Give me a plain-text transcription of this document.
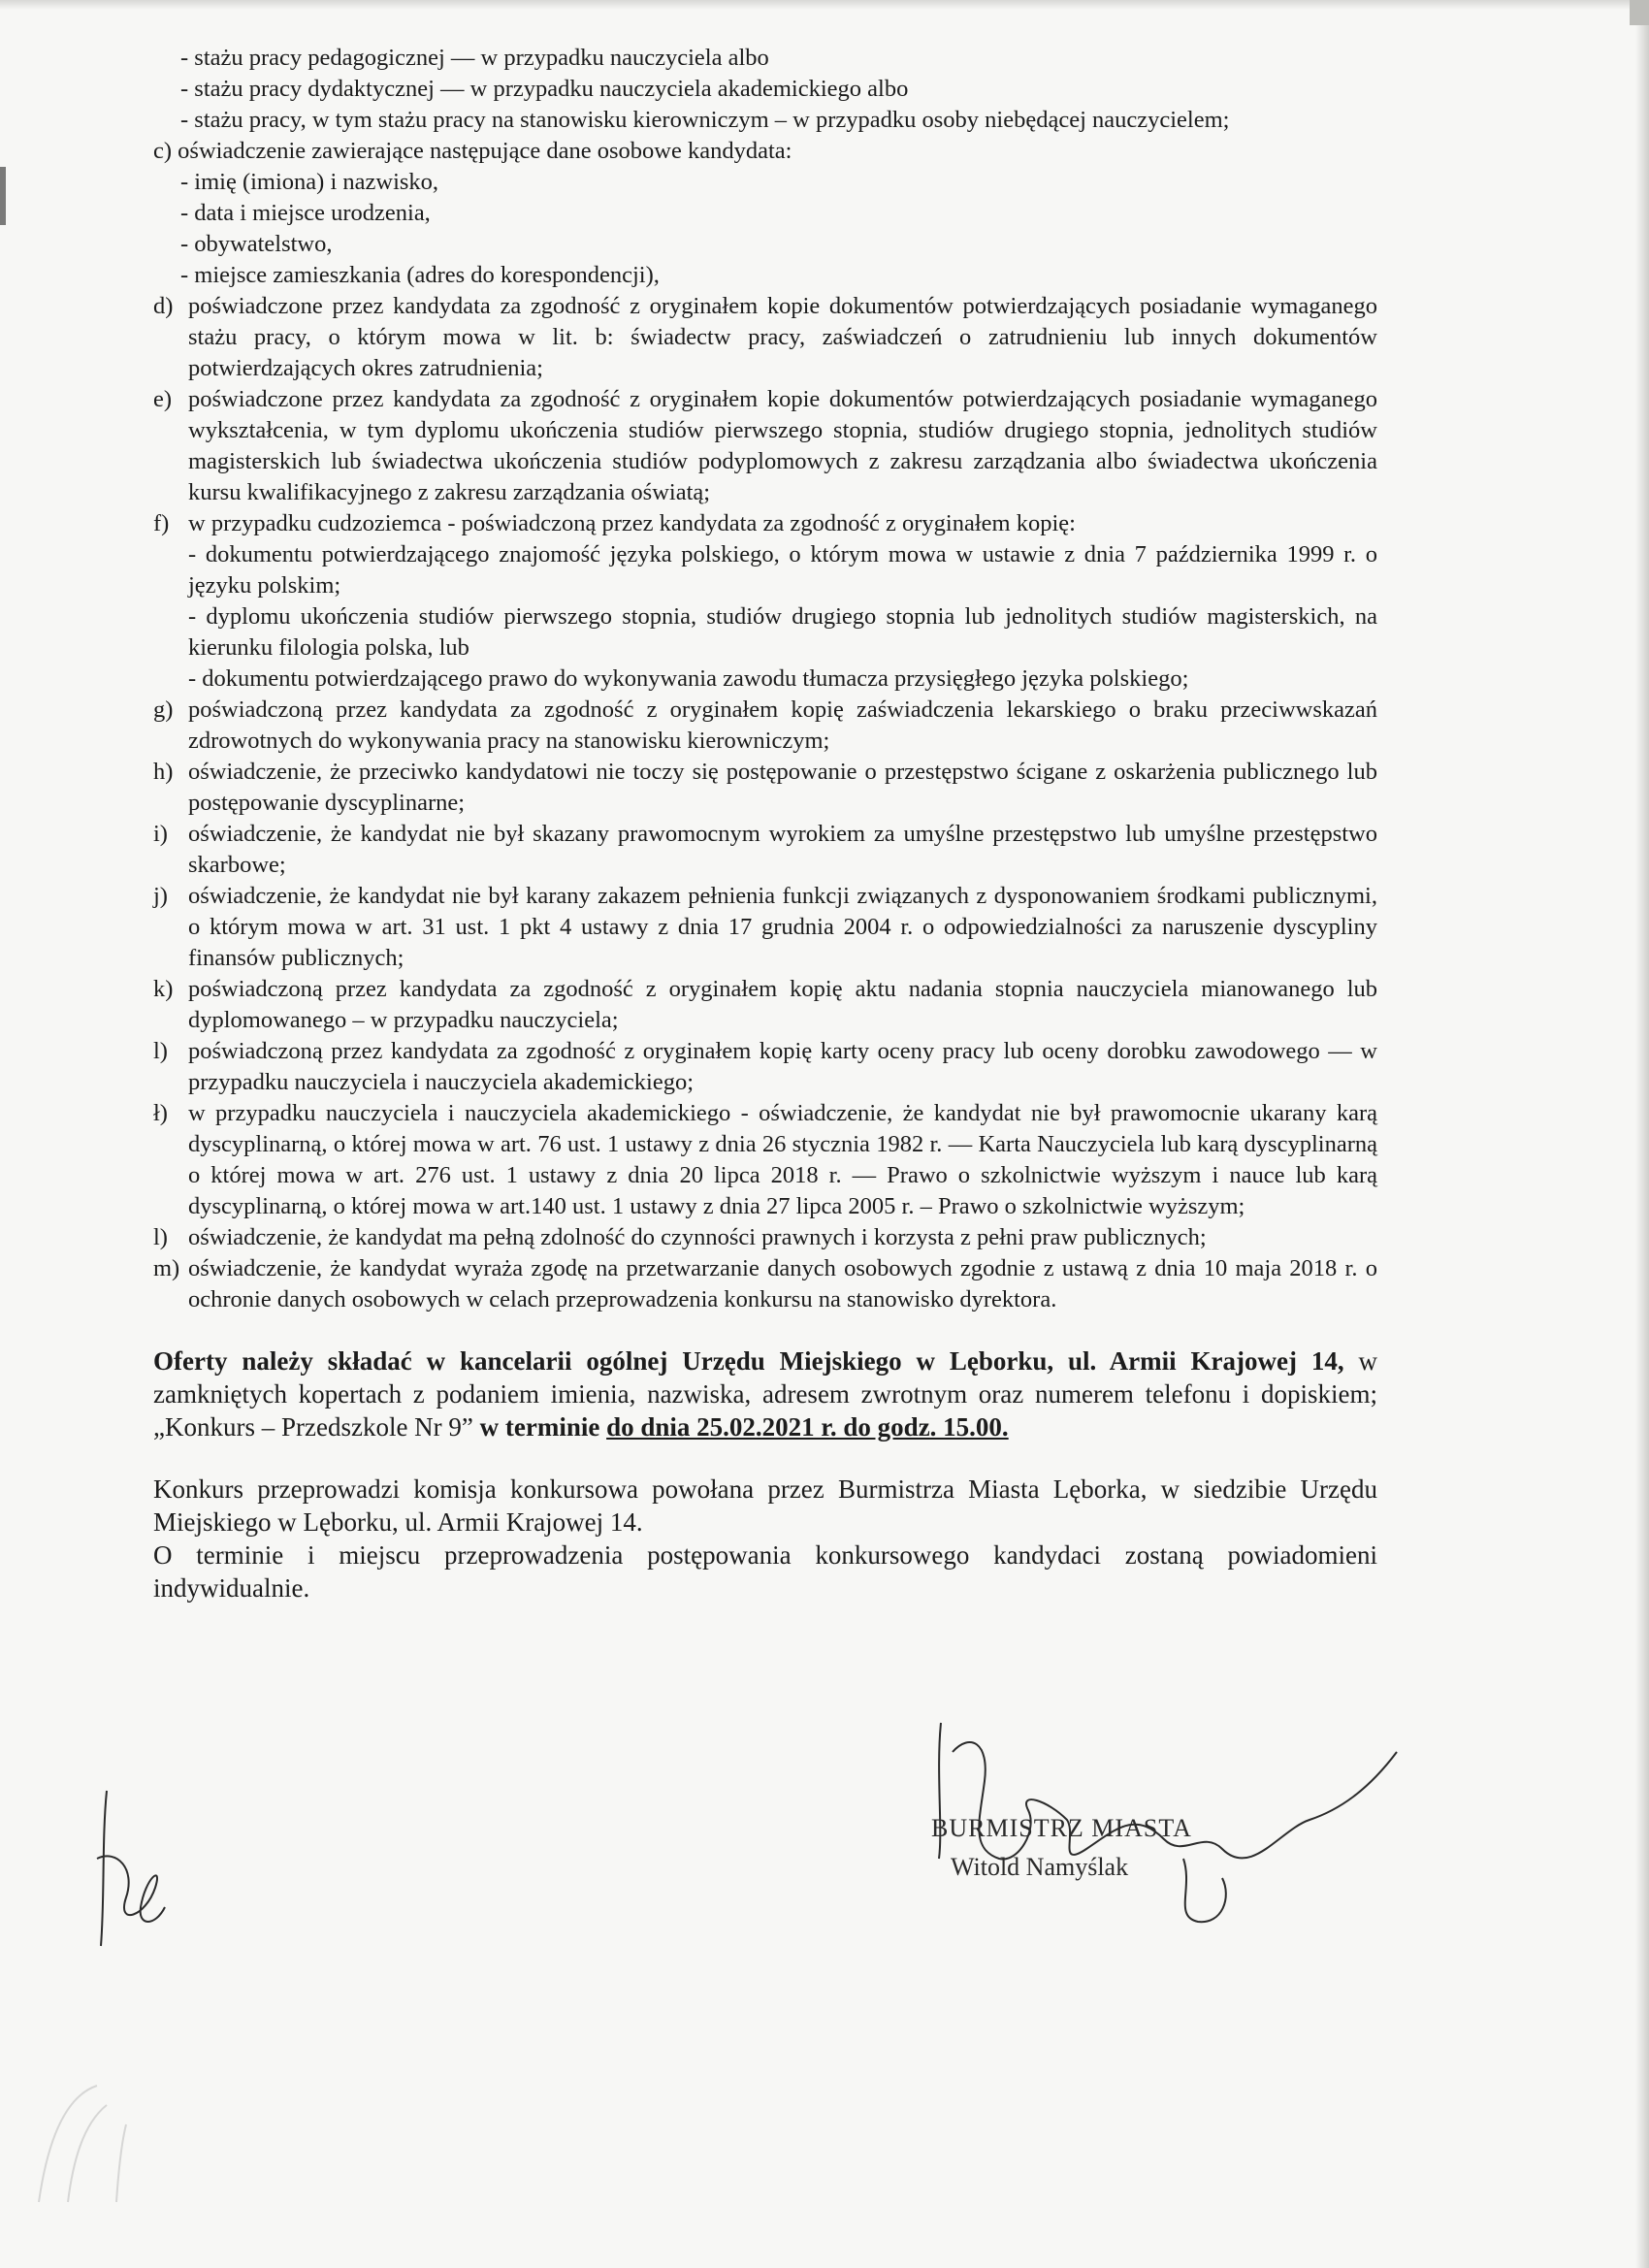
- stażu pracy pedagogicznej — w przypadku nauczyciela albo
- stażu pracy dydaktycznej — w przypadku nauczyciela akademickiego albo
- stażu pracy, w tym stażu pracy na stanowisku kierowniczym – w przypadku osoby niebędącej nauczycielem;
c) oświadczenie zawierające następujące dane osobowe kandydata:
- imię (imiona) i nazwisko,
- data i miejsce urodzenia,
- obywatelstwo,
- miejsce zamieszkania (adres do korespondencji),
d) poświadczone przez kandydata za zgodność z oryginałem kopie dokumentów potwierdzających posiadanie wymaganego stażu pracy, o którym mowa w lit. b: świadectw pracy, zaświadczeń o zatrudnieniu lub innych dokumentów potwierdzających okres zatrudnienia;
e) poświadczone przez kandydata za zgodność z oryginałem kopie dokumentów potwierdzających posiadanie wymaganego wykształcenia, w tym dyplomu ukończenia studiów pierwszego stopnia, studiów drugiego stopnia, jednolitych studiów magisterskich lub świadectwa ukończenia studiów podyplomowych z zakresu zarządzania albo świadectwa ukończenia kursu kwalifikacyjnego z zakresu zarządzania oświatą;
f) w przypadku cudzoziemca - poświadczoną przez kandydata za zgodność z oryginałem kopię:
- dokumentu potwierdzającego znajomość języka polskiego, o którym mowa w ustawie z dnia 7 października 1999 r. o języku polskim;
- dyplomu ukończenia studiów pierwszego stopnia, studiów drugiego stopnia lub jednolitych studiów magisterskich, na kierunku filologia polska, lub
- dokumentu potwierdzającego prawo do wykonywania zawodu tłumacza przysięgłego języka polskiego;
g) poświadczoną przez kandydata za zgodność z oryginałem kopię zaświadczenia lekarskiego o braku przeciwwskazań zdrowotnych do wykonywania pracy na stanowisku kierowniczym;
h) oświadczenie, że przeciwko kandydatowi nie toczy się postępowanie o przestępstwo ścigane z oskarżenia publicznego lub postępowanie dyscyplinarne;
i) oświadczenie, że kandydat nie był skazany prawomocnym wyrokiem za umyślne przestępstwo lub umyślne przestępstwo skarbowe;
j) oświadczenie, że kandydat nie był karany zakazem pełnienia funkcji związanych z dysponowaniem środkami publicznymi, o którym mowa w art. 31 ust. 1 pkt 4 ustawy z dnia 17 grudnia 2004 r. o odpowiedzialności za naruszenie dyscypliny finansów publicznych;
k) poświadczoną przez kandydata za zgodność z oryginałem kopię aktu nadania stopnia nauczyciela mianowanego lub dyplomowanego – w przypadku nauczyciela;
l) poświadczoną przez kandydata za zgodność z oryginałem kopię karty oceny pracy lub oceny dorobku zawodowego — w przypadku nauczyciela i nauczyciela akademickiego;
ł) w przypadku nauczyciela i nauczyciela akademickiego - oświadczenie, że kandydat nie był prawomocnie ukarany karą dyscyplinarną, o której mowa w art. 76 ust. 1 ustawy z dnia 26 stycznia 1982 r. — Karta Nauczyciela lub karą dyscyplinarną o której mowa w art. 276 ust. 1 ustawy z dnia 20 lipca 2018 r. — Prawo o szkolnictwie wyższym i nauce lub karą dyscyplinarną, o której mowa w art.140 ust. 1 ustawy z dnia 27 lipca 2005 r. – Prawo o szkolnictwie wyższym;
l) oświadczenie, że kandydat ma pełną zdolność do czynności prawnych i korzysta z pełni praw publicznych;
m) oświadczenie, że kandydat wyraża zgodę na przetwarzanie danych osobowych zgodnie z ustawą z dnia 10 maja 2018 r. o ochronie danych osobowych w celach przeprowadzenia konkursu na stanowisko dyrektora.
Oferty należy składać w kancelarii ogólnej Urzędu Miejskiego w Lęborku, ul. Armii Krajowej 14, w zamkniętych kopertach z podaniem imienia, nazwiska, adresem zwrotnym oraz numerem telefonu i dopiskiem; „Konkurs – Przedszkole Nr 9” w terminie do dnia 25.02.2021 r. do godz. 15.00.
Konkurs przeprowadzi komisja konkursowa powołana przez Burmistrza Miasta Lęborka, w siedzibie Urzędu Miejskiego w Lęborku, ul. Armii Krajowej 14.
O terminie i miejscu przeprowadzenia postępowania konkursowego kandydaci zostaną powiadomieni indywidualnie.
BURMISTRZ MIASTA
Witold Namyślak
